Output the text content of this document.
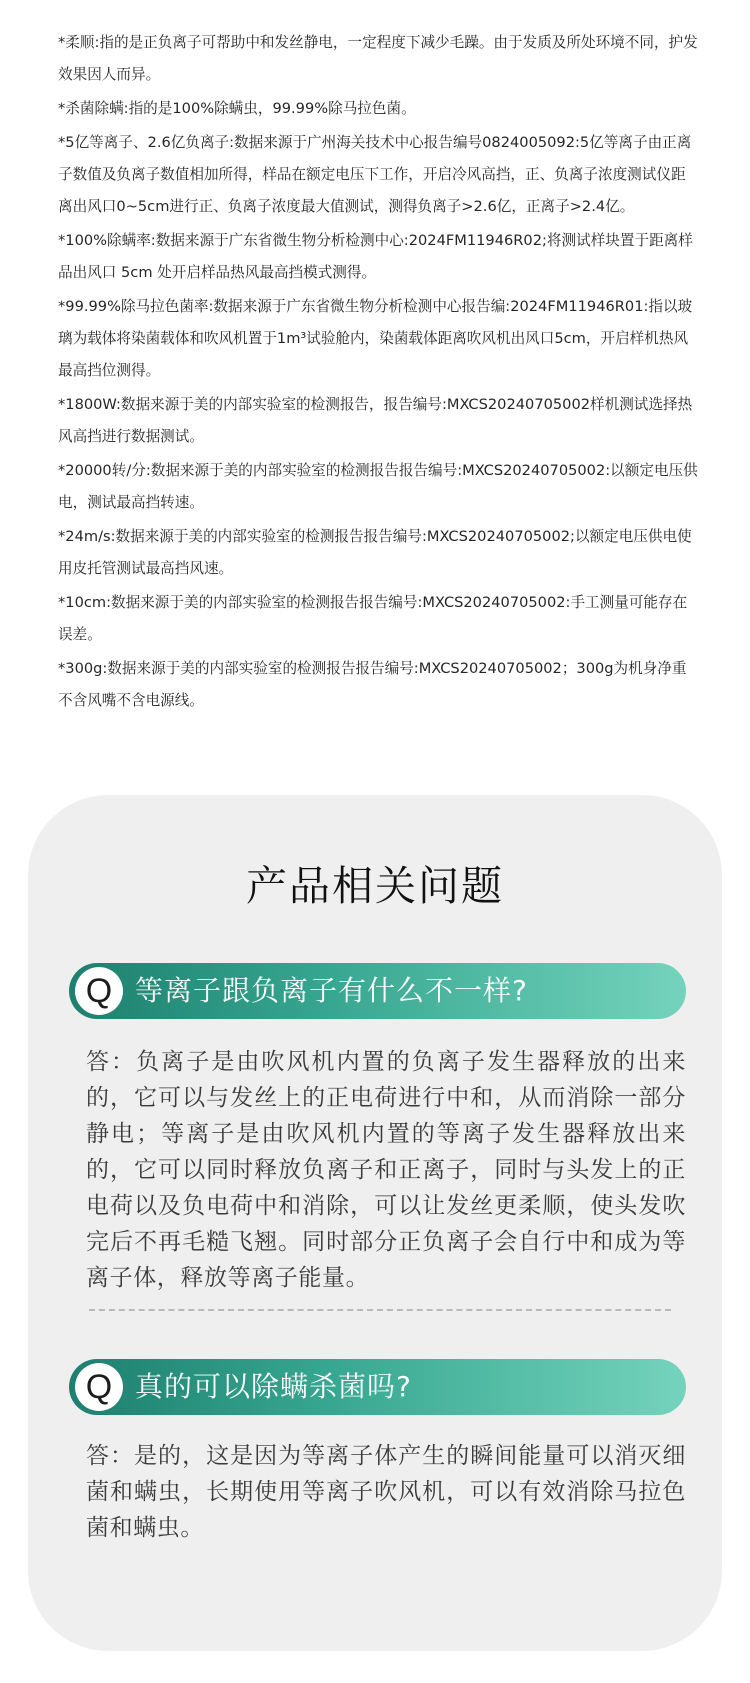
*柔顺:指的是正负离子可帮助中和发丝静电，一定程度下减少毛躁。由于发质及所处环境不同，护发效果因人而异。

*杀菌除螨:指的是100%除螨虫，99.99%除马拉色菌。

*5亿等离子、2.6亿负离子:数据来源于广州海关技术中心报告编号0824005092:5亿等离子由正离子数值及负离子数值相加所得，样品在额定电压下工作，开启冷风高挡，正、负离子浓度测试仪距离出风口0~5cm进行正、负离子浓度最大值测试，测得负离子>2.6亿，正离子>2.4亿。

*100%除螨率:数据来源于广东省微生物分析检测中心:2024FM11946R02;将测试样块置于距离样品出风口 5cm 处开启样品热风最高挡模式测得。

*99.99%除马拉色菌率:数据来源于广东省微生物分析检测中心报告编:2024FM11946R01:指以玻璃为载体将染菌载体和吹风机置于1m³试验舱内，染菌载体距离吹风机出风口5cm，开启样机热风最高挡位测得。

*1800W:数据来源于美的内部实验室的检测报告，报告编号:MXCS20240705002样机测试选择热风高挡进行数据测试。

*20000转/分:数据来源于美的内部实验室的检测报告报告编号:MXCS20240705002:以额定电压供电，测试最高挡转速。

*24m/s:数据来源于美的内部实验室的检测报告报告编号:MXCS20240705002;以额定电压供电使用皮托管测试最高挡风速。

*10cm:数据来源于美的内部实验室的检测报告报告编号:MXCS20240705002:手工测量可能存在误差。

*300g:数据来源于美的内部实验室的检测报告报告编号:MXCS20240705002；300g为机身净重不含风嘴不含电源线。

产品相关问题
Q 等离子跟负离子有什么不一样?
答：负离子是由吹风机内置的负离子发生器释放的出来的，它可以与发丝上的正电荷进行中和，从而消除一部分静电；等离子是由吹风机内置的等离子发生器释放出来的，它可以同时释放负离子和正离子，同时与头发上的正电荷以及负电荷中和消除，可以让发丝更柔顺，使头发吹完后不再毛糙飞翘。同时部分正负离子会自行中和成为等离子体，释放等离子能量。
Q 真的可以除螨杀菌吗?
答：是的，这是因为等离子体产生的瞬间能量可以消灭细菌和螨虫，长期使用等离子吹风机，可以有效消除马拉色菌和螨虫。
